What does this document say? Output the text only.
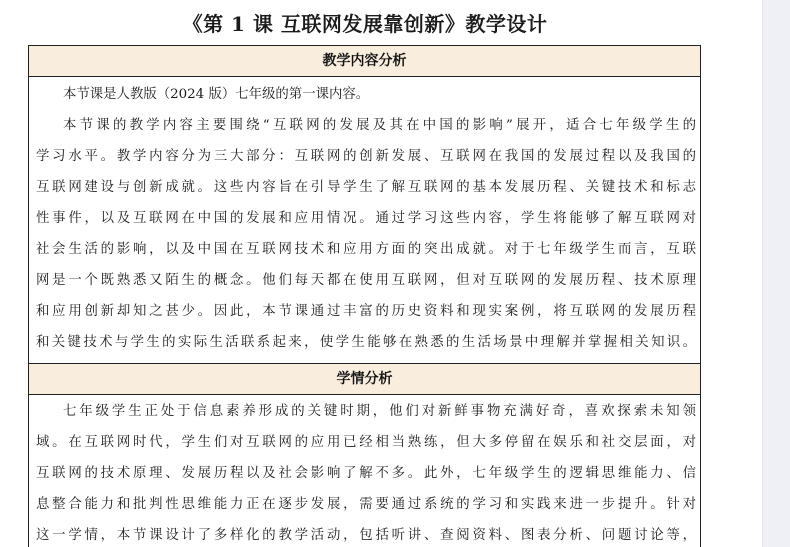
《第 1 课 互联网发展靠创新》教学设计
教学内容分析
本节课是人教版（2024 版）七年级的第一课内容。
本节课的教学内容主要围绕“互联网的发展及其在中国的影响”展开，适合七年级学生的
学习水平。教学内容分为三大部分：互联网的创新发展、互联网在我国的发展过程以及我国的
互联网建设与创新成就。这些内容旨在引导学生了解互联网的基本发展历程、关键技术和标志
性事件，以及互联网在中国的发展和应用情况。通过学习这些内容，学生将能够了解互联网对
社会生活的影响，以及中国在互联网技术和应用方面的突出成就。对于七年级学生而言，互联
网是一个既熟悉又陌生的概念。他们每天都在使用互联网，但对互联网的发展历程、技术原理
和应用创新却知之甚少。因此，本节课通过丰富的历史资料和现实案例，将互联网的发展历程
和关键技术与学生的实际生活联系起来，使学生能够在熟悉的生活场景中理解并掌握相关知识。
学情分析
七年级学生正处于信息素养形成的关键时期，他们对新鲜事物充满好奇，喜欢探索未知领
域。在互联网时代，学生们对互联网的应用已经相当熟练，但大多停留在娱乐和社交层面，对
互联网的技术原理、发展历程以及社会影响了解不多。此外，七年级学生的逻辑思维能力、信
息整合能力和批判性思维能力正在逐步发展，需要通过系统的学习和实践来进一步提升。针对
这一学情，本节课设计了多样化的教学活动，包括听讲、查阅资料、图表分析、问题讨论等，
